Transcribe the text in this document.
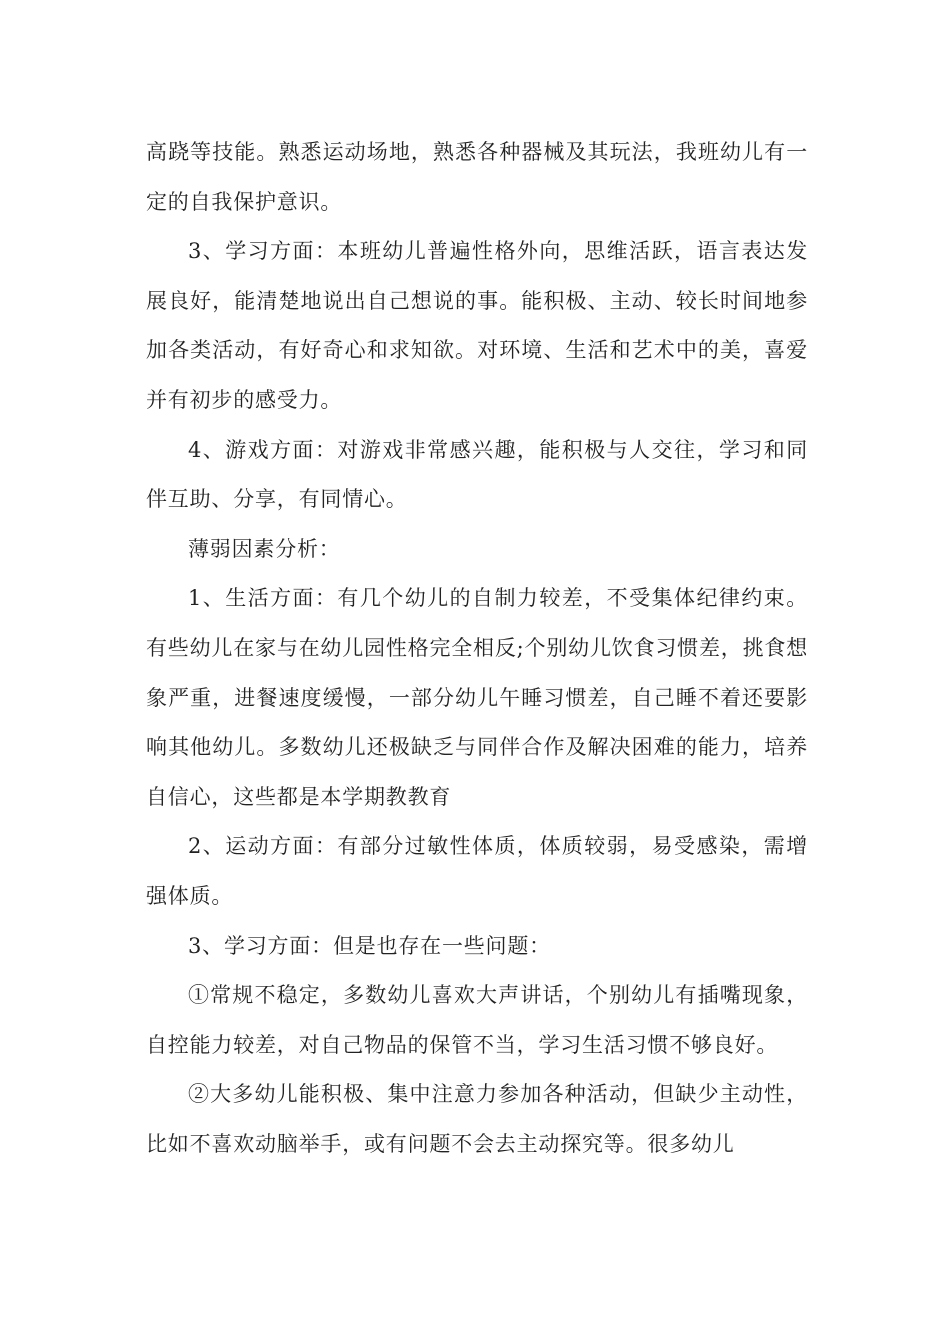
高跷等技能。熟悉运动场地，熟悉各种器械及其玩法，我班幼儿有一定的自我保护意识。

3、学习方面：本班幼儿普遍性格外向，思维活跃，语言表达发展良好，能清楚地说出自己想说的事。能积极、主动、较长时间地参加各类活动，有好奇心和求知欲。对环境、生活和艺术中的美，喜爱并有初步的感受力。

4、游戏方面：对游戏非常感兴趣，能积极与人交往，学习和同伴互助、分享，有同情心。

薄弱因素分析：

1、生活方面：有几个幼儿的自制力较差，不受集体纪律约束。有些幼儿在家与在幼儿园性格完全相反;个别幼儿饮食习惯差，挑食想象严重，进餐速度缓慢，一部分幼儿午睡习惯差，自己睡不着还要影响其他幼儿。多数幼儿还极缺乏与同伴合作及解决困难的能力，培养自信心，这些都是本学期教教育

2、运动方面：有部分过敏性体质，体质较弱，易受感染，需增强体质。

3、学习方面：但是也存在一些问题：

①常规不稳定，多数幼儿喜欢大声讲话，个别幼儿有插嘴现象，自控能力较差，对自己物品的保管不当，学习生活习惯不够良好。

②大多幼儿能积极、集中注意力参加各种活动，但缺少主动性，比如不喜欢动脑举手，或有问题不会去主动探究等。很多幼儿
